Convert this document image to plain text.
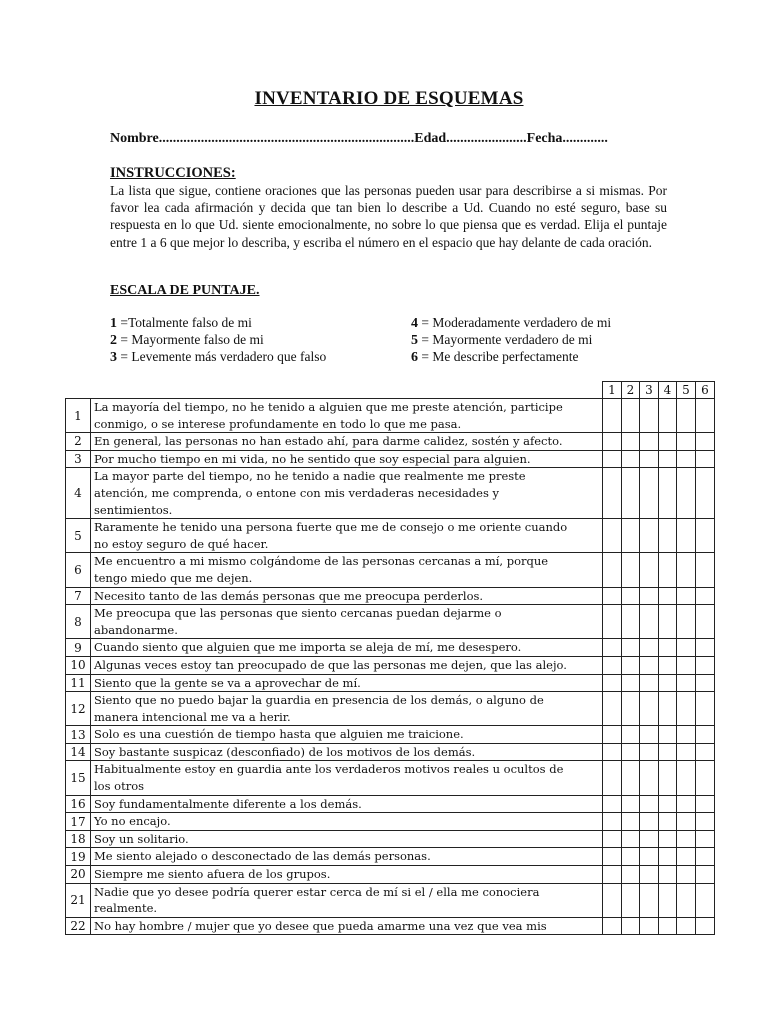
INVENTARIO DE ESQUEMAS
Nombre.........................................................................Edad.......................Fecha.............
INSTRUCCIONES:
La lista que sigue, contiene oraciones que las personas pueden usar para describirse a si mismas. Por favor lea cada afirmación y decida que tan bien lo describe a Ud. Cuando no esté seguro, base su respuesta en lo que Ud. siente emocionalmente, no sobre lo que piensa que es verdad. Elija el puntaje entre 1 a 6 que mejor lo describa, y escriba el número en el espacio que hay delante de cada oración.
ESCALA DE PUNTAJE.
1 =Totalmente falso de mi	4 = Moderadamente verdadero de mi
2 = Mayormente falso de mi	5 = Mayormente verdadero de mi
3 = Levemente más verdadero que falso	6 = Me describe perfectamente
		1	2	3	4	5	6
1	La mayoría del tiempo, no he tenido a alguien que me preste atención, participe
conmigo, o se interese profundamente en todo lo que me pasa.						

2	En general, las personas no han estado ahí, para darme calidez, sostén y afecto.						

3	Por mucho tiempo en mi vida, no he sentido que soy especial para alguien.						

4	La mayor parte del tiempo, no he tenido a nadie que realmente me preste
atención, me comprenda, o entone con mis verdaderas necesidades y
sentimientos.						

5	Raramente he tenido una persona fuerte que me de consejo o me oriente cuando
no estoy seguro de qué hacer.						

6	Me encuentro a mi mismo colgándome de las personas cercanas a mí, porque
tengo miedo que me dejen.						

7	Necesito tanto de las demás personas que me preocupa perderlos.						

8	Me preocupa que las personas que siento cercanas puedan dejarme o
abandonarme.						

9	Cuando siento que alguien que me importa se aleja de mí, me desespero.						

10	Algunas veces estoy tan preocupado de que las personas me dejen, que las alejo.						

11	Siento que la gente se va a aprovechar de mí.						

12	Siento que no puedo bajar la guardia en presencia de los demás, o alguno de
manera intencional me va a herir.						

13	Solo es una cuestión de tiempo hasta que alguien me traicione.						

14	Soy bastante suspicaz (desconfiado) de los motivos de los demás.						

15	Habitualmente estoy en guardia ante los verdaderos motivos reales u ocultos de
los otros						

16	Soy fundamentalmente diferente a los demás.						

17	Yo no encajo.						

18	Soy un solitario.						

19	Me siento alejado o desconectado de las demás personas.						

20	Siempre me siento afuera de los grupos.						

21	Nadie que yo desee podría querer estar cerca de mí si el / ella me conociera
realmente.						

22	No hay hombre / mujer que yo desee que pueda amarme una vez que vea mis						
